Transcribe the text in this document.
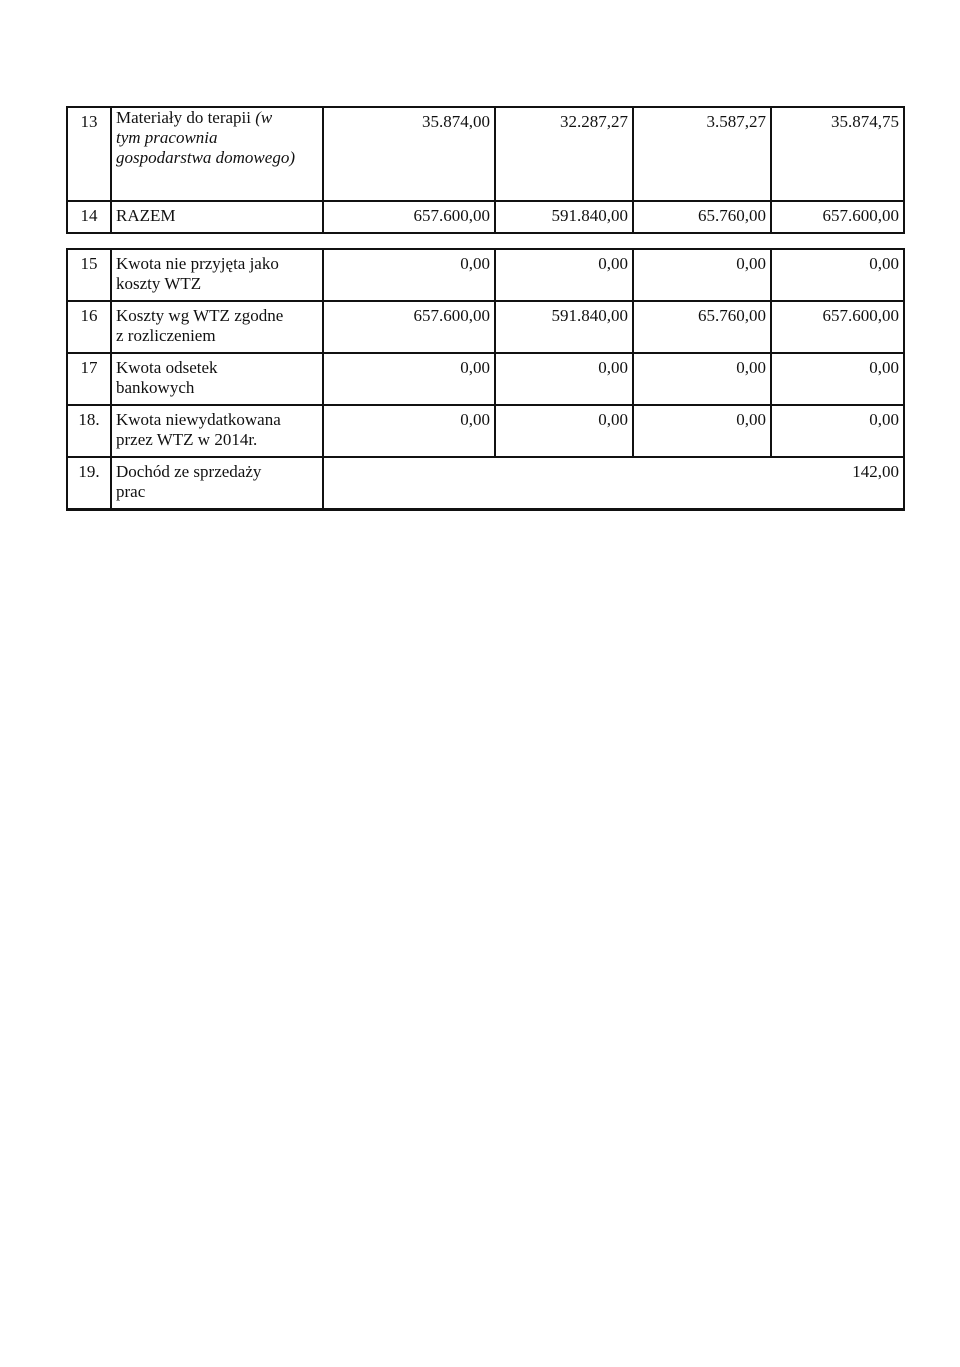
13	Materiały do terapii (w
tym pracownia
gospodarstwa domowego)	35.874,00	32.287,27	3.587,27	35.874,75
14	RAZEM	657.600,00	591.840,00	65.760,00	657.600,00

15	Kwota nie przyjęta jako
koszty WTZ	0,00	0,00	0,00	0,00
16	Koszty wg WTZ zgodne
z rozliczeniem	657.600,00	591.840,00	65.760,00	657.600,00
17	Kwota odsetek
bankowych	0,00	0,00	0,00	0,00
18.	Kwota niewydatkowana
przez WTZ w 2014r.	0,00	0,00	0,00	0,00
19.	Dochód ze sprzedaży
prac	142,00			
